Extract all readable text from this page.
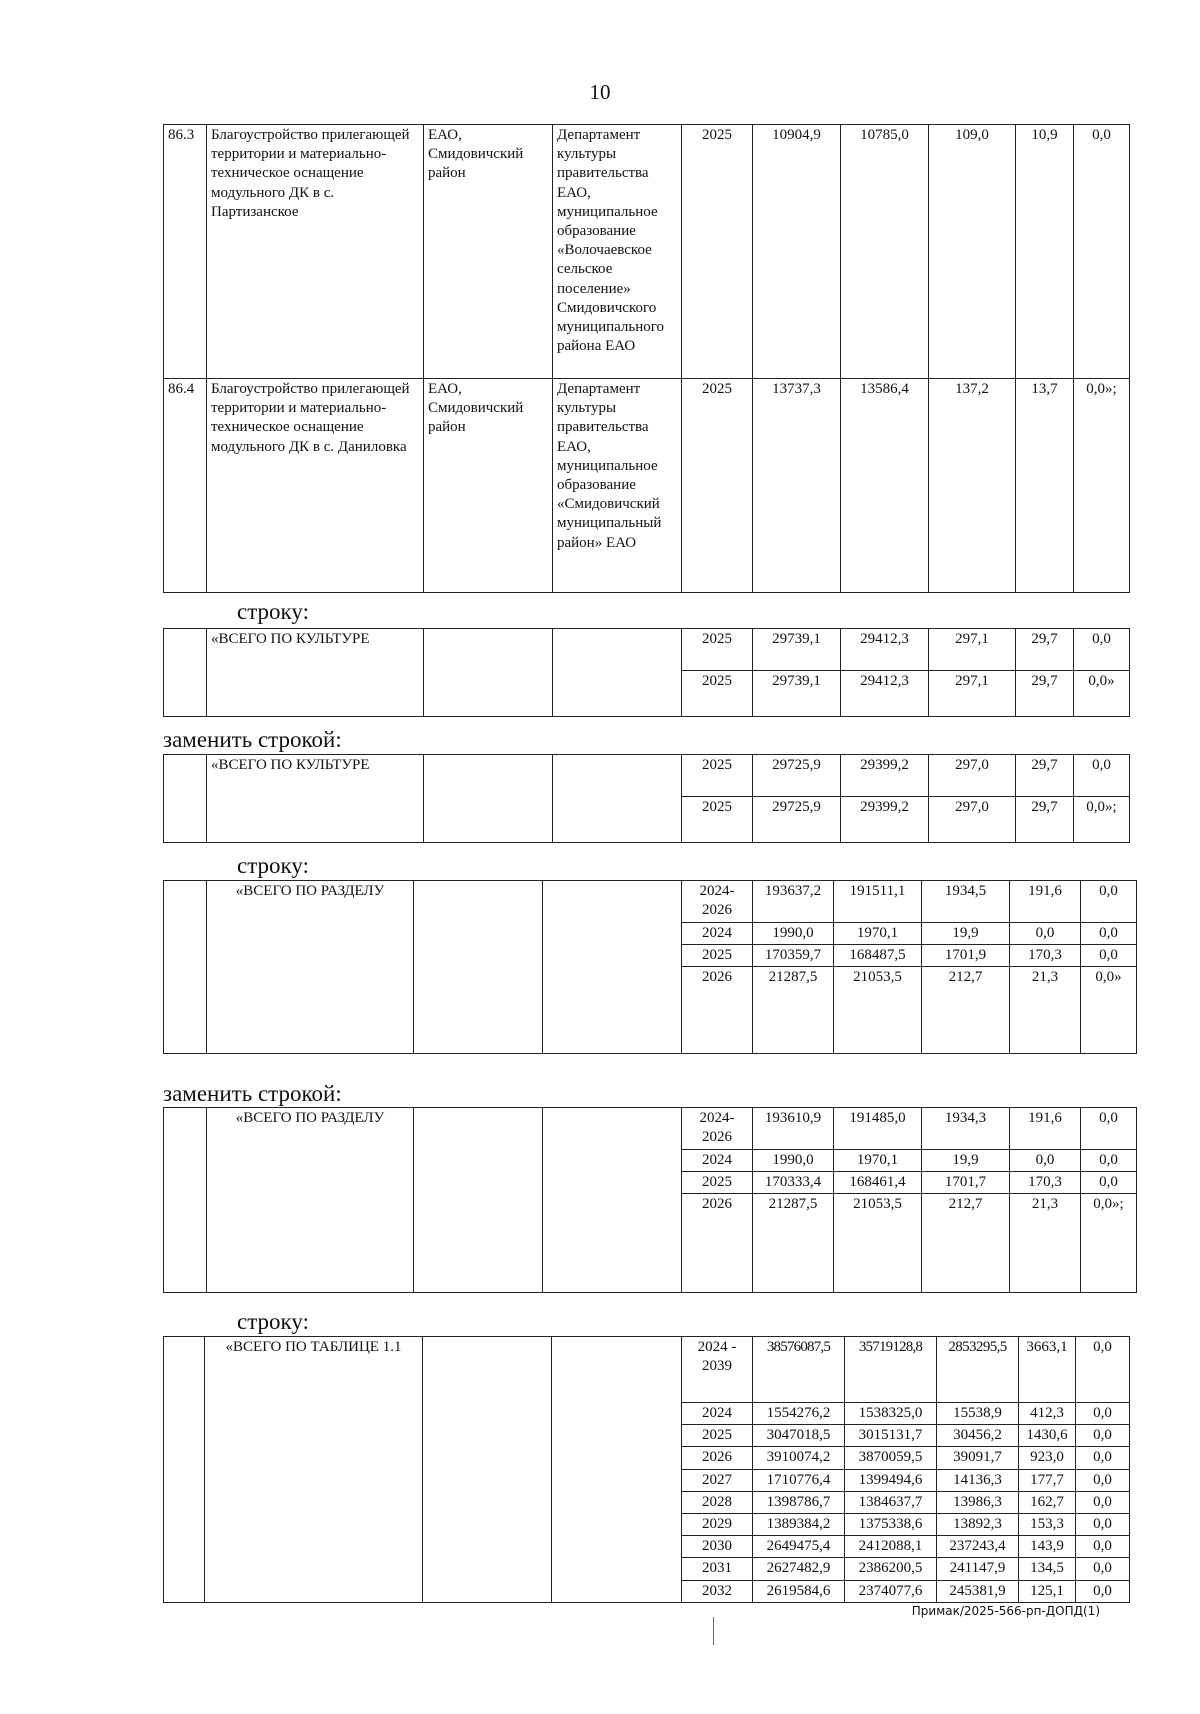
10
86.3	Благоустройство прилегающей территории и материально-техническое оснащение модульного ДК в с. Партизанское	ЕАО, Смидовичский район	Департамент культуры правительства ЕАО, муниципальное образование «Волочаевское сельское поселение» Смидовичского муниципального района ЕАО	2025	10904,9	10785,0	109,0	10,9	0,0
86.4	Благоустройство прилегающей территории и материально-техническое оснащение модульного ДК в с. Даниловка	ЕАО, Смидовичский район	Департамент культуры правительства ЕАО, муниципальное образование «Смидовичский муниципальный район» ЕАО	2025	13737,3	13586,4	137,2	13,7	0,0»;
строку:
	«ВСЕГО ПО КУЛЬТУРЕ			2025	29739,1	29412,3	297,1	29,7	0,0
				2025	29739,1	29412,3	297,1	29,7	0,0»
заменить строкой:
	«ВСЕГО ПО КУЛЬТУРЕ			2025	29725,9	29399,2	297,0	29,7	0,0
				2025	29725,9	29399,2	297,0	29,7	0,0»;
строку:
	«ВСЕГО ПО РАЗДЕЛУ			2024-2026	193637,2	191511,1	1934,5	191,6	0,0
				2024	1990,0	1970,1	19,9	0,0	0,0
				2025	170359,7	168487,5	1701,9	170,3	0,0
				2026	21287,5	21053,5	212,7	21,3	0,0»
заменить строкой:
	«ВСЕГО ПО РАЗДЕЛУ			2024-2026	193610,9	191485,0	1934,3	191,6	0,0
				2024	1990,0	1970,1	19,9	0,0	0,0
				2025	170333,4	168461,4	1701,7	170,3	0,0
				2026	21287,5	21053,5	212,7	21,3	0,0»;
строку:
	«ВСЕГО ПО ТАБЛИЦЕ 1.1			2024 - 2039	38576087,5	35719128,8	2853295,5	3663,1	0,0
				2024	1554276,2	1538325,0	15538,9	412,3	0,0
				2025	3047018,5	3015131,7	30456,2	1430,6	0,0
				2026	3910074,2	3870059,5	39091,7	923,0	0,0
				2027	1710776,4	1399494,6	14136,3	177,7	0,0
				2028	1398786,7	1384637,7	13986,3	162,7	0,0
				2029	1389384,2	1375338,6	13892,3	153,3	0,0
				2030	2649475,4	2412088,1	237243,4	143,9	0,0
				2031	2627482,9	2386200,5	241147,9	134,5	0,0
				2032	2619584,6	2374077,6	245381,9	125,1	0,0
Примак/2025-566-рп-ДОПД(1)
